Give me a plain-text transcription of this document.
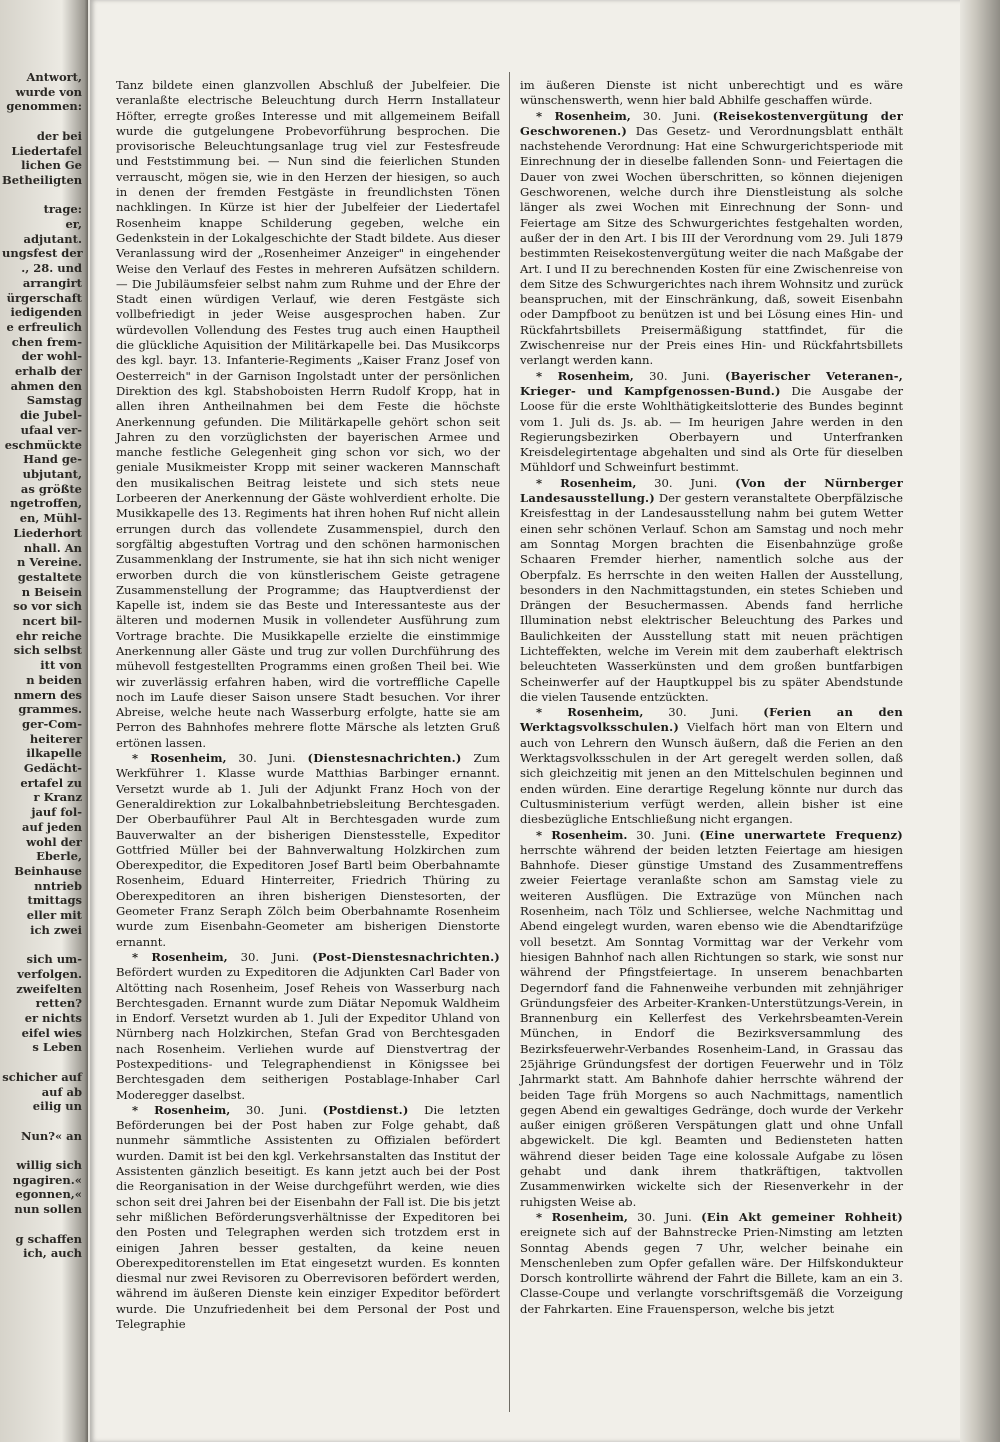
Antwort,
wurde von
genommen:

der bei
Liedertafel
lichen Ge
Betheiligten

trage:
er,
adjutant.
ungsfest der
., 28. und
arrangirt
ürgerschaft
iedigenden
e erfreulich
chen frem-
der wohl-
erhalb der
ahmen den
Samstag
die Jubel-
ufaal ver-
eschmückte
Hand ge-
ubjutant,
as größte
ngetroffen,
en, Mühl-
Liederhort
nhall. An
n Vereine.
gestaltete
n Beisein
so vor sich
ncert bil-
ehr reiche
sich selbst
itt von
n beiden
nmern des
grammes.
ger-Com-
heiterer
ilkapelle
Gedächt-
ertafel zu
r Kranz
jauf fol-
auf jeden
wohl der
Eberle,
Beinhause
nntrieb
tmittags
eller mit
ich zwei

sich um-
verfolgen.
zweifelten
retten?
er nichts
eifel wies
s Leben

schicher auf
auf ab
eilig un

Nun?« an

willig sich
ngagiren.«
egonnen,«
nun sollen

g schaffen
ich, auch

Tanz bildete einen glanzvollen Abschluß der Jubelfeier. Die veranlaßte electrische Beleuchtung durch Herrn Installateur Höfter, erregte großes Interesse und mit allgemeinem Beifall wurde die gutgelungene Probevorführung besprochen. Die provisorische Beleuchtungsanlage trug viel zur Festesfreude und Feststimmung bei. — Nun sind die feierlichen Stunden verrauscht, mögen sie, wie in den Herzen der hiesigen, so auch in denen der fremden Festgäste in freundlichsten Tönen nachklingen. In Kürze ist hier der Jubelfeier der Liedertafel Rosenheim knappe Schilderung gegeben, welche ein Gedenkstein in der Lokalgeschichte der Stadt bildete. Aus dieser Veranlassung wird der „Rosenheimer Anzeiger" in eingehender Weise den Verlauf des Festes in mehreren Aufsätzen schildern. — Die Jubiläumsfeier selbst nahm zum Ruhme und der Ehre der Stadt einen würdigen Verlauf, wie deren Festgäste sich vollbefriedigt in jeder Weise ausgesprochen haben. Zur würdevollen Vollendung des Festes trug auch einen Hauptheil die glückliche Aquisition der Militärkapelle bei. Das Musikcorps des kgl. bayr. 13. Infanterie-Regiments „Kaiser Franz Josef von Oesterreich" in der Garnison Ingolstadt unter der persönlichen Direktion des kgl. Stabshoboisten Herrn Rudolf Kropp, hat in allen ihren Antheilnahmen bei dem Feste die höchste Anerkennung gefunden. Die Militärkapelle gehört schon seit Jahren zu den vorzüglichsten der bayerischen Armee und manche festliche Gelegenheit ging schon vor sich, wo der geniale Musikmeister Kropp mit seiner wackeren Mannschaft den musikalischen Beitrag leistete und sich stets neue Lorbeeren der Anerkennung der Gäste wohlverdient erholte. Die Musikkapelle des 13. Regiments hat ihren hohen Ruf nicht allein errungen durch das vollendete Zusammenspiel, durch den sorgfältig abgestuften Vortrag und den schönen harmonischen Zusammenklang der Instrumente, sie hat ihn sich nicht weniger erworben durch die von künstlerischem Geiste getragene Zusammenstellung der Programme; das Hauptverdienst der Kapelle ist, indem sie das Beste und Interessanteste aus der älteren und modernen Musik in vollendeter Ausführung zum Vortrage brachte. Die Musikkapelle erzielte die einstimmige Anerkennung aller Gäste und trug zur vollen Durchführung des mühevoll festgestellten Programms einen großen Theil bei. Wie wir zuverlässig erfahren haben, wird die vortreffliche Capelle noch im Laufe dieser Saison unsere Stadt besuchen. Vor ihrer Abreise, welche heute nach Wasserburg erfolgte, hatte sie am Perron des Bahnhofes mehrere flotte Märsche als letzten Gruß ertönen lassen.

* Rosenheim, 30. Juni. (Dienstesnachrichten.) Zum Werkführer 1. Klasse wurde Matthias Barbinger ernannt. Versetzt wurde ab 1. Juli der Adjunkt Franz Hoch von der Generaldirektion zur Lokalbahnbetriebsleitung Berchtesgaden. Der Oberbauführer Paul Alt in Berchtesgaden wurde zum Bauverwalter an der bisherigen Dienstesstelle, Expeditor Gottfried Müller bei der Bahnverwaltung Holzkirchen zum Oberexpeditor, die Expeditoren Josef Bartl beim Oberbahnamte Rosenheim, Eduard Hinterreiter, Friedrich Thüring zu Oberexpeditoren an ihren bisherigen Dienstesorten, der Geometer Franz Seraph Zölch beim Oberbahnamte Rosenheim wurde zum Eisenbahn-Geometer am bisherigen Dienstorte ernannt.

* Rosenheim, 30. Juni. (Post-Dienstesnachrichten.) Befördert wurden zu Expeditoren die Adjunkten Carl Bader von Altötting nach Rosenheim, Josef Reheis von Wasserburg nach Berchtesgaden. Ernannt wurde zum Diätar Nepomuk Waldheim in Endorf. Versetzt wurden ab 1. Juli der Expeditor Uhland von Nürnberg nach Holzkirchen, Stefan Grad von Berchtesgaden nach Rosenheim. Verliehen wurde auf Dienstvertrag der Postexpeditions- und Telegraphendienst in Königssee bei Berchtesgaden dem seitherigen Postablage-Inhaber Carl Moderegger daselbst.

* Rosenheim, 30. Juni. (Postdienst.) Die letzten Beförderungen bei der Post haben zur Folge gehabt, daß nunmehr sämmtliche Assistenten zu Offizialen befördert wurden. Damit ist bei den kgl. Verkehrsanstalten das Institut der Assistenten gänzlich beseitigt. Es kann jetzt auch bei der Post die Reorganisation in der Weise durchgeführt werden, wie dies schon seit drei Jahren bei der Eisenbahn der Fall ist. Die bis jetzt sehr mißlichen Beförderungsverhältnisse der Expeditoren bei den Posten und Telegraphen werden sich trotzdem erst in einigen Jahren besser gestalten, da keine neuen Oberexpeditorenstellen im Etat eingesetzt wurden. Es konnten diesmal nur zwei Revisoren zu Oberrevisoren befördert werden, während im äußeren Dienste kein einziger Expeditor befördert wurde. Die Unzufriedenheit bei dem Personal der Post und Telegraphie

im äußeren Dienste ist nicht unberechtigt und es wäre wünschenswerth, wenn hier bald Abhilfe geschaffen würde.

* Rosenheim, 30. Juni. (Reisekostenvergütung der Geschworenen.) Das Gesetz- und Verordnungsblatt enthält nachstehende Verordnung: Hat eine Schwurgerichtsperiode mit Einrechnung der in dieselbe fallenden Sonn- und Feiertagen die Dauer von zwei Wochen überschritten, so können diejenigen Geschworenen, welche durch ihre Dienstleistung als solche länger als zwei Wochen mit Einrechnung der Sonn- und Feiertage am Sitze des Schwurgerichtes festgehalten worden, außer der in den Art. I bis III der Verordnung vom 29. Juli 1879 bestimmten Reisekostenvergütung weiter die nach Maßgabe der Art. I und II zu berechnenden Kosten für eine Zwischenreise von dem Sitze des Schwurgerichtes nach ihrem Wohnsitz und zurück beanspruchen, mit der Einschränkung, daß, soweit Eisenbahn oder Dampfboot zu benützen ist und bei Lösung eines Hin- und Rückfahrtsbillets Preisermäßigung stattfindet, für die Zwischenreise nur der Preis eines Hin- und Rückfahrtsbillets verlangt werden kann.

* Rosenheim, 30. Juni. (Bayerischer Veteranen-, Krieger- und Kampfgenossen-Bund.) Die Ausgabe der Loose für die erste Wohlthätigkeitslotterie des Bundes beginnt vom 1. Juli ds. Js. ab. — Im heurigen Jahre werden in den Regierungsbezirken Oberbayern und Unterfranken Kreisdelegirtentage abgehalten und sind als Orte für dieselben Mühldorf und Schweinfurt bestimmt.

* Rosenheim, 30. Juni. (Von der Nürnberger Landesausstellung.) Der gestern veranstaltete Oberpfälzische Kreisfesttag in der Landesausstellung nahm bei gutem Wetter einen sehr schönen Verlauf. Schon am Samstag und noch mehr am Sonntag Morgen brachten die Eisenbahnzüge große Schaaren Fremder hierher, namentlich solche aus der Oberpfalz. Es herrschte in den weiten Hallen der Ausstellung, besonders in den Nachmittagstunden, ein stetes Schieben und Drängen der Besuchermassen. Abends fand herrliche Illumination nebst elektrischer Beleuchtung des Parkes und Baulichkeiten der Ausstellung statt mit neuen prächtigen Lichteffekten, welche im Verein mit dem zauberhaft elektrisch beleuchteten Wasserkünsten und dem großen buntfarbigen Scheinwerfer auf der Hauptkuppel bis zu später Abendstunde die vielen Tausende entzückten.

* Rosenheim, 30. Juni. (Ferien an den Werktagsvolksschulen.) Vielfach hört man von Eltern und auch von Lehrern den Wunsch äußern, daß die Ferien an den Werktagsvolksschulen in der Art geregelt werden sollen, daß sich gleichzeitig mit jenen an den Mittelschulen beginnen und enden würden. Eine derartige Regelung könnte nur durch das Cultusministerium verfügt werden, allein bisher ist eine diesbezügliche Entschließung nicht ergangen.

* Rosenheim. 30. Juni. (Eine unerwartete Frequenz) herrschte während der beiden letzten Feiertage am hiesigen Bahnhofe. Dieser günstige Umstand des Zusammentreffens zweier Feiertage veranlaßte schon am Samstag viele zu weiteren Ausflügen. Die Extrazüge von München nach Rosenheim, nach Tölz und Schliersee, welche Nachmittag und Abend eingelegt wurden, waren ebenso wie die Abendtarifzüge voll besetzt. Am Sonntag Vormittag war der Verkehr vom hiesigen Bahnhof nach allen Richtungen so stark, wie sonst nur während der Pfingstfeiertage. In unserem benachbarten Degerndorf fand die Fahnenweihe verbunden mit zehnjähriger Gründungsfeier des Arbeiter-Kranken-Unterstützungs-Verein, in Brannenburg ein Kellerfest des Verkehrsbeamten-Verein München, in Endorf die Bezirksversammlung des Bezirksfeuerwehr-Verbandes Rosenheim-Land, in Grassau das 25jährige Gründungsfest der dortigen Feuerwehr und in Tölz Jahrmarkt statt. Am Bahnhofe dahier herrschte während der beiden Tage früh Morgens so auch Nachmittags, namentlich gegen Abend ein gewaltiges Gedränge, doch wurde der Verkehr außer einigen größeren Verspätungen glatt und ohne Unfall abgewickelt. Die kgl. Beamten und Bediensteten hatten während dieser beiden Tage eine kolossale Aufgabe zu lösen gehabt und dank ihrem thatkräftigen, taktvollen Zusammenwirken wickelte sich der Riesenverkehr in der ruhigsten Weise ab.

* Rosenheim, 30. Juni. (Ein Akt gemeiner Rohheit) ereignete sich auf der Bahnstrecke Prien-Nimsting am letzten Sonntag Abends gegen 7 Uhr, welcher beinahe ein Menschenleben zum Opfer gefallen wäre. Der Hilfskondukteur Dorsch kontrollirte während der Fahrt die Billete, kam an ein 3. Classe-Coupe und verlangte vorschriftsgemäß die Vorzeigung der Fahrkarten. Eine Frauensperson, welche bis jetzt
